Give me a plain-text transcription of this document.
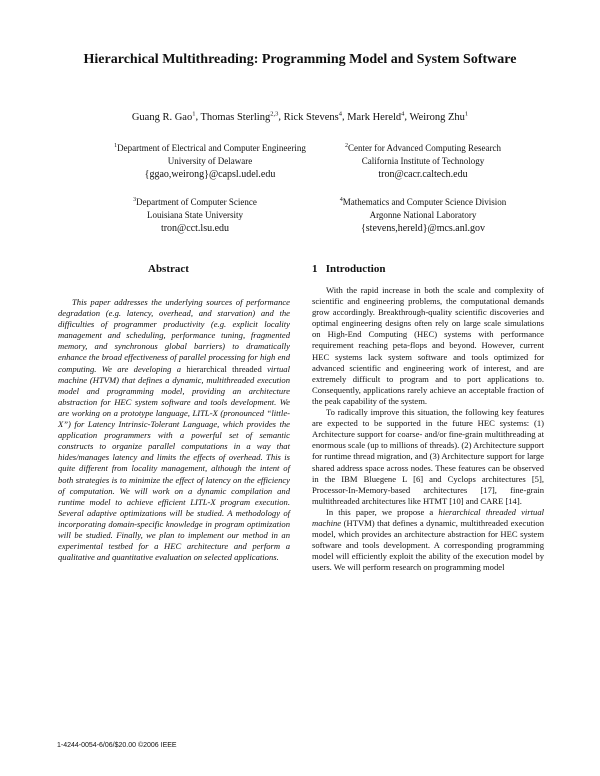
Hierarchical Multithreading: Programming Model and System Software
Guang R. Gao$^1$, Thomas Sterling$^{2,3}$, Rick Stevens$^4$, Mark Hereld$^4$, Weirong Zhu$^1$
$^1$Department of Electrical and Computer Engineering
University of Delaware
{ggao,weirong}@capsl.udel.edu
$^2$Center for Advanced Computing Research
California Institute of Technology
tron@cacr.caltech.edu
$^3$Department of Computer Science
Louisiana State University
tron@cct.lsu.edu
$^4$Mathematics and Computer Science Division
Argonne National Laboratory
{stevens,hereld}@mcs.anl.gov
Abstract	1 Introduction

This paper addresses the underlying sources of performance degradation (e.g. latency, overhead, and starvation) and the difficulties of programmer productivity (e.g. explicit locality management and scheduling, performance tuning, fragmented memory, and synchronous global barriers) to dramatically enhance the broad effectiveness of parallel processing for high end computing. We are developing a hierarchical threaded virtual machine (HTVM) that defines a dynamic, multithreaded execution model and programming model, providing an architecture abstraction for HEC system software and tools development. We are working on a prototype language, LITL-X (pronounced “little-X”) for Latency Intrinsic-Tolerant Language, which provides the application programmers with a powerful set of semantic constructs to organize parallel computations in a way that hides/manages latency and limits the effects of overhead. This is quite different from locality management, although the intent of both strategies is to minimize the effect of latency on the efficiency of computation. We will work on a dynamic compilation and runtime model to achieve efficient LITL-X program execution. Several adaptive optimizations will be studied. A methodology of incorporating domain-specific knowledge in program optimization will be studied. Finally, we plan to implement our method in an experimental testbed for a HEC architecture and perform a qualitative and quantitative evaluation on selected applications.

With the rapid increase in both the scale and complexity of scientific and engineering problems, the computational demands grow accordingly. Breakthrough-quality scientific discoveries and optimal engineering designs often rely on large scale simulations on High-End Computing (HEC) systems with performance requirement reaching peta-flops and beyond. However, current HEC systems lack system software and tools optimized for advanced scientific and engineering work of interest, and are extremely difficult to program and to port applications to. Consequently, applications rarely achieve an acceptable fraction of the peak capability of the system.

To radically improve this situation, the following key features are expected to be supported in the future HEC systems: (1) Architecture support for coarse- and/or fine-grain multithreading at enormous scale (up to millions of threads). (2) Architecture support for runtime thread migration, and (3) Architecture support for large shared address space across nodes. These features can be observed in the IBM Bluegene L [6] and Cyclops architectures [5], Processor-In-Memory-based architectures [17], fine-grain multithreaded architectures like HTMT [10] and CARE [14].

In this paper, we propose a hierarchical threaded virtual machine (HTVM) that defines a dynamic, multithreaded execution model, which provides an architecture abstraction for HEC system software and tools development. A corresponding programming model will efficiently exploit the ability of the execution model by users. We will perform research on programming model

1-4244-0054-6/06/$20.00 ©2006 IEEE
